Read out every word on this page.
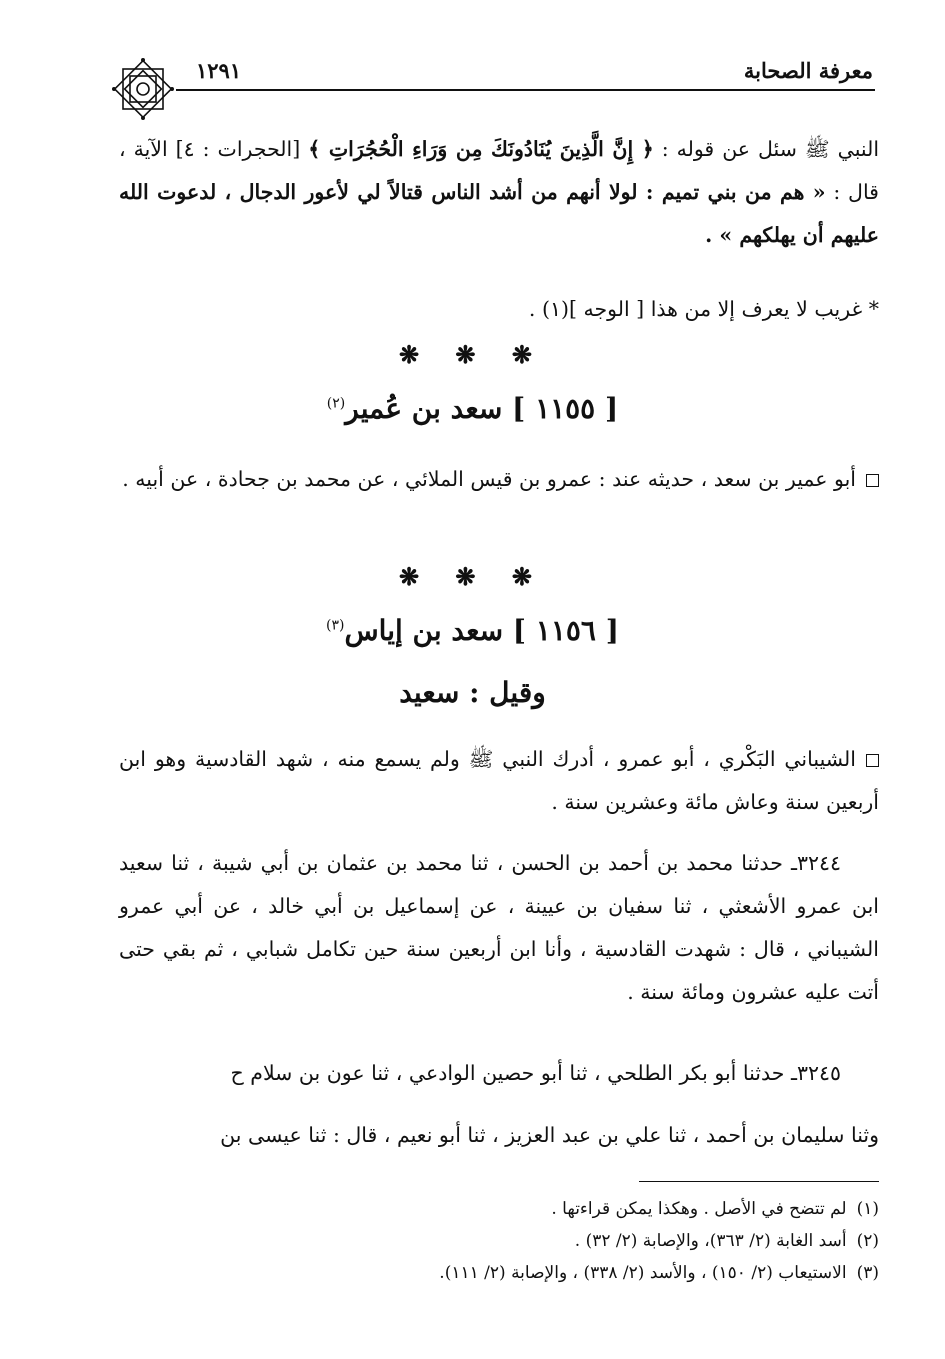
معرفة الصحابة
١٢٩١
النبي ﷺ سئل عن قوله : ﴿ إِنَّ الَّذِينَ يُنَادُونَكَ مِن وَرَاءِ الْحُجُرَاتِ ﴾ [الحجرات : ٤] الآية ، قال : « هم من بني تميم : لولا أنهم من أشد الناس قتالاً لي لأعور الدجال ، لدعوت الله عليهم أن يهلكهم » .
* غريب لا يعرف إلا من هذا [ الوجه ](١) .
❋ ❋ ❋
[ ١١٥٥ ] سعد بن عُمير$^{(٢)}$
أبو عمير بن سعد ، حديثه عند : عمرو بن قيس الملائي ، عن محمد بن جحادة ، عن أبيه .
❋ ❋ ❋
[ ١١٥٦ ] سعد بن إياس$^{(٣)}$
وقيل : سعيد
الشيباني البَكْري ، أبو عمرو ، أدرك النبي ﷺ ولم يسمع منه ، شهد القادسية وهو ابن أربعين سنة وعاش مائة وعشرين سنة .
٣٢٤٤ـ حدثنا محمد بن أحمد بن الحسن ، ثنا محمد بن عثمان بن أبي شيبة ، ثنا سعيد ابن عمرو الأشعثي ، ثنا سفيان بن عيينة ، عن إسماعيل بن أبي خالد ، عن أبي عمرو الشيباني ، قال : شهدت القادسية ، وأنا ابن أربعين سنة حين تكامل شبابي ، ثم بقي حتى أتت عليه عشرون ومائة سنة .
٣٢٤٥ـ حدثنا أبو بكر الطلحي ، ثنا أبو حصين الوادعي ، ثنا عون بن سلام ح
وثنا سليمان بن أحمد ، ثنا علي بن عبد العزيز ، ثنا أبو نعيم ، قال : ثنا عيسى بن
(١)لم تتضح في الأصل . وهكذا يمكن قراءتها .
(٢)أسد الغابة (٢/ ٣٦٣)، والإصابة (٢/ ٣٢) .
(٣)الاستيعاب (٢/ ١٥٠) ، والأسد (٢/ ٣٣٨) ، والإصابة (٢/ ١١١).
